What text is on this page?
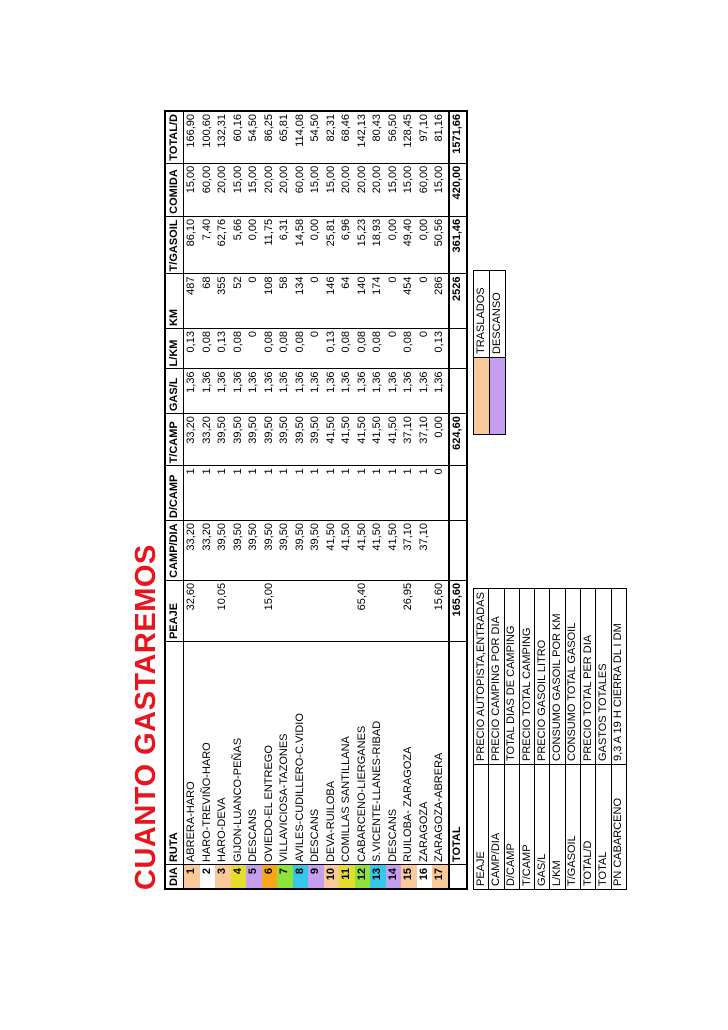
CUANTO GASTAREMOS DIA	RUTA	PEAJE	CAMP/DIA	D/CAMP	T/CAMP	GAS/L	L/KM	KM	T/GASOIL	COMIDA	TOTAL/D
1	ABRERA-HARO	32,60	33,20	1	33,20	1,36	0,13	487	86,10	15,00	166,90
2	HARO-TREVIÑO-HARO		33,20	1	33,20	1,36	0,08	68	7,40	60,00	100,60
3	HARO-DEVA	10,05	39,50	1	39,50	1,36	0,13	355	62,76	20,00	132,31
4	GIJON-LUANCO-PEÑAS		39,50	1	39,50	1,36	0,08	52	5,66	15,00	60,16
5	DESCANS		39,50	1	39,50	1,36	0	0	0,00	15,00	54,50
6	OVIEDO-EL ENTREGO	15,00	39,50	1	39,50	1,36	0,08	108	11,75	20,00	86,25
7	VILLAVICIOSA-TAZONES		39,50	1	39,50	1,36	0,08	58	6,31	20,00	65,81
8	AVILES-CUDILLERO-C.VIDIO		39,50	1	39,50	1,36	0,08	134	14,58	60,00	114,08
9	DESCANS		39,50	1	39,50	1,36	0	0	0,00	15,00	54,50
10	DEVA-RUILOBA		41,50	1	41,50	1,36	0,13	146	25,81	15,00	82,31
11	COMILLAS SANTILLANA		41,50	1	41,50	1,36	0,08	64	6,96	20,00	68,46
12	CABARCENO-LIERGANES	65,40	41,50	1	41,50	1,36	0,08	140	15,23	20,00	142,13
13	S.VICENTE-LLANES-RIBAD		41,50	1	41,50	1,36	0,08	174	18,93	20,00	80,43
14	DESCANS		41,50	1	41,50	1,36	0	0	0,00	15,00	56,50
15	RUILOBA- ZARAGOZA	26,95	37,10	1	37,10	1,36	0,08	454	49,40	15,00	128,45
16	ZARAGOZA		37,10	1	37,10	1,36	0	0	0,00	60,00	97,10
17	ZARAGOZA-ABRERA	15,60		0	0,00	1,36	0,13	286	50,56	15,00	81,16
	TOTAL	165,60			624,60			2526	361,46	420,00	1571,66
PEAJE	PRECIO AUTOPISTA,ENTRADAS
CAMP/DIA	PRECIO CAMPING POR DIA
D/CAMP	TOTAL DIAS DE CAMPING
T/CAMP	PRECIO TOTAL CAMPING
GAS/L	PRECIO GASOIL LITRO
L/KM	CONSUMO GASOIL POR KM
T/GASOIL	CONSUMO TOTAL GASOIL
TOTAL/D	PRECIO TOTAL PER DIA
TOTAL	GASTOS TOTALES
PN CABARCENO	9,3 A 19 H CIERRA DL I DM
	TRASLADOS
	DESCANSO
